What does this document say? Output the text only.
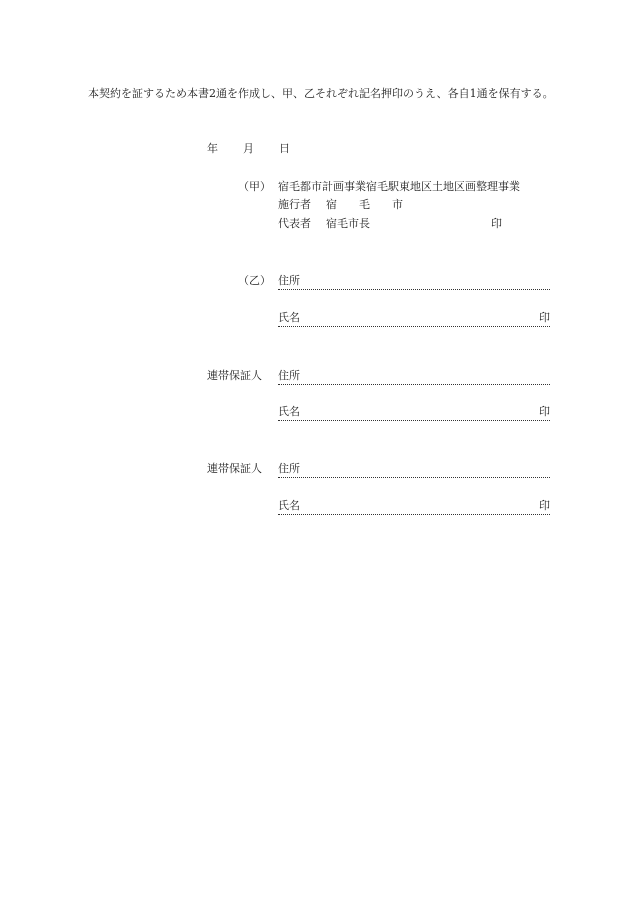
本契約を証するため本書2通を作成し、甲、乙それぞれ記名押印のうえ、各自1通を保有する。
年 月 日
（甲） 宿毛都市計画事業宿毛駅東地区土地区画整理事業
施行者 宿　　毛　　市
代表者 宿毛市長	印
（乙） 住所
氏名	印
連帯保証人 住所
氏名	印
連帯保証人 住所
氏名	印
